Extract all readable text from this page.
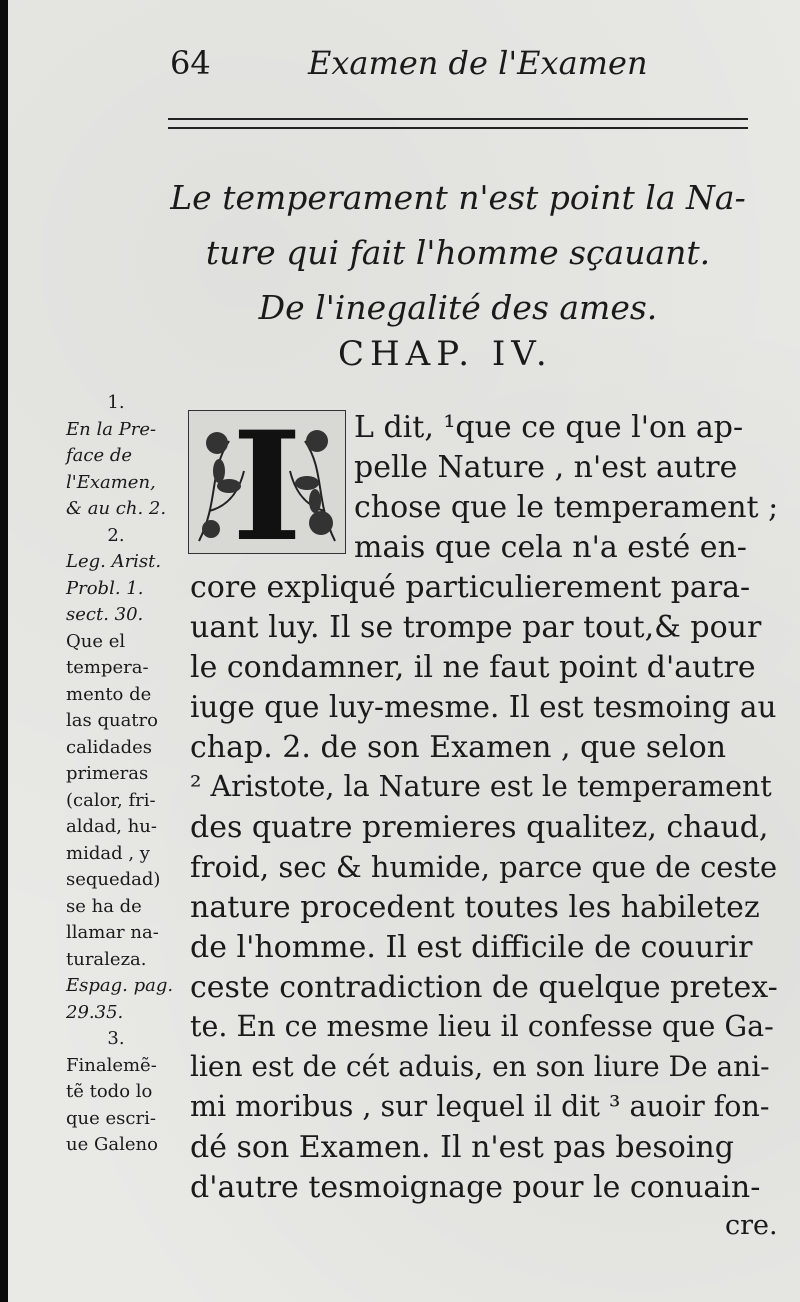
64	Examen de l'Examen
Le temperament n'est point la Na-
ture qui fait l'homme sçauant.
De l'inegalité des ames.
CHAP. IV.
1.
En la Pre-
face de
l'Examen,
& au ch. 2.
2.
Leg. Arist.
Probl. 1.
sect. 30.
Que el
tempera-
mento de
las quatro
calidades
primeras
(calor, fri-
aldad, hu-
midad , y
sequedad)
se ha de
llamar na-
turaleza.
Espag. pag.
29.35.
3.
Finalemẽ-
tẽ todo lo
que escri-
ue Galeno
I L dit, ¹que ce que l'on ap-
pelle Nature , n'est autre
chose que le temperament ;
mais que cela n'a esté en-
core expliqué particulierement para-
uant luy. Il se trompe par tout,& pour
le condamner, il ne faut point d'autre
iuge que luy-mesme. Il est tesmoing au
chap. 2. de son Examen , que selon
² Aristote, la Nature est le temperament
des quatre premieres qualitez, chaud,
froid, sec & humide, parce que de ceste
nature procedent toutes les habiletez
de l'homme. Il est difficile de couurir
ceste contradiction de quelque pretex-
te. En ce mesme lieu il confesse que Ga-
lien est de cét aduis, en son liure De ani-
mi moribus , sur lequel il dit ³ auoir fon-
dé son Examen. Il n'est pas besoing
d'autre tesmoignage pour le conuain-
cre.
